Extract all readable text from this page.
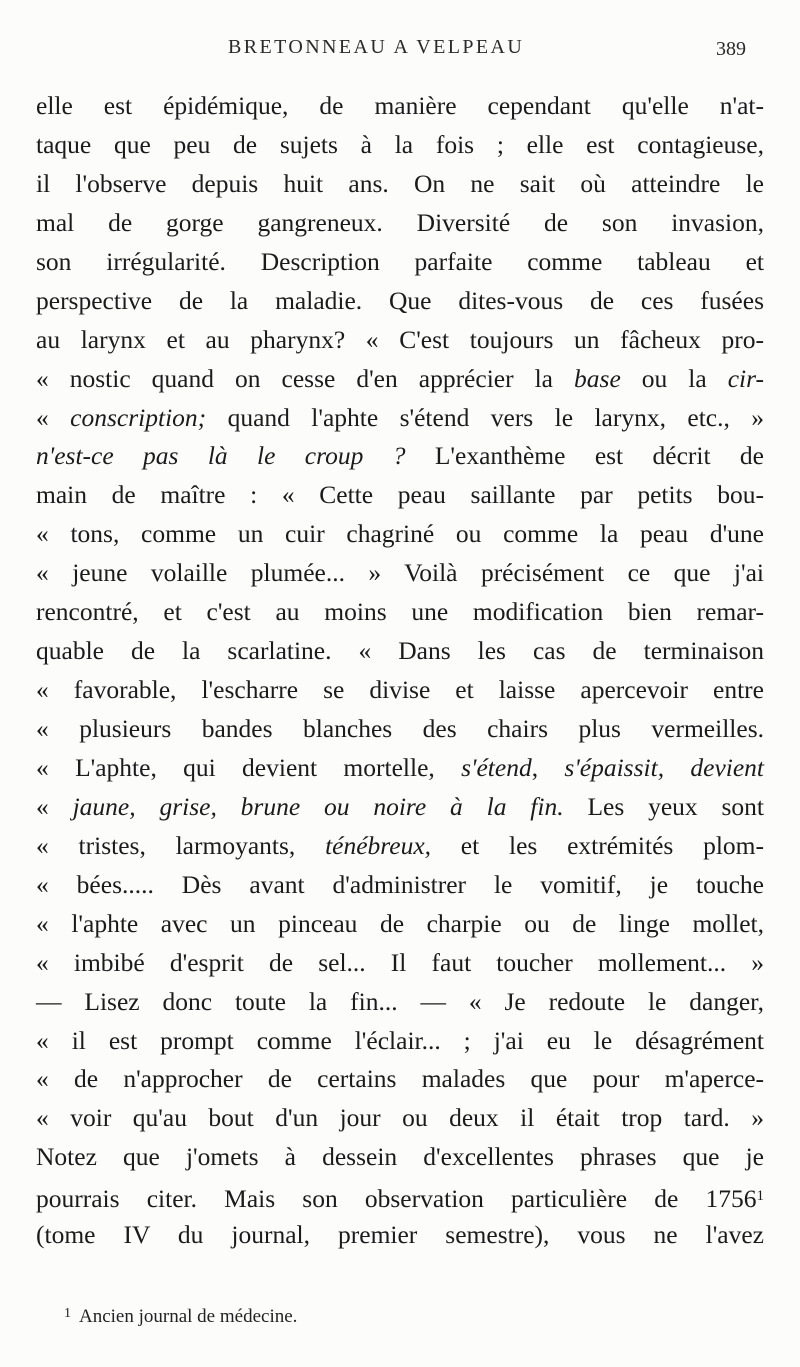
BRETONNEAU A VELPEAU	389
elle est épidémique, de manière cependant qu'elle n'at-
taque que peu de sujets à la fois ; elle est contagieuse,
il l'observe depuis huit ans. On ne sait où atteindre le
mal de gorge gangreneux. Diversité de son invasion,
son irrégularité. Description parfaite comme tableau et
perspective de la maladie. Que dites-vous de ces fusées
au larynx et au pharynx? « C'est toujours un fâcheux pro-
« nostic quand on cesse d'en apprécier la base ou la cir-
« conscription; quand l'aphte s'étend vers le larynx, etc., »
n'est-ce pas là le croup ? L'exanthème est décrit de
main de maître : « Cette peau saillante par petits bou-
« tons, comme un cuir chagriné ou comme la peau d'une
« jeune volaille plumée... » Voilà précisément ce que j'ai
rencontré, et c'est au moins une modification bien remar-
quable de la scarlatine. « Dans les cas de terminaison
« favorable, l'escharre se divise et laisse apercevoir entre
« plusieurs bandes blanches des chairs plus vermeilles.
« L'aphte, qui devient mortelle, s'étend, s'épaissit, devient
« jaune, grise, brune ou noire à la fin. Les yeux sont
« tristes, larmoyants, ténébreux, et les extrémités plom-
« bées..... Dès avant d'administrer le vomitif, je touche
« l'aphte avec un pinceau de charpie ou de linge mollet,
« imbibé d'esprit de sel... Il faut toucher mollement... »
— Lisez donc toute la fin... — « Je redoute le danger,
« il est prompt comme l'éclair... ; j'ai eu le désagrément
« de n'approcher de certains malades que pour m'aperce-
« voir qu'au bout d'un jour ou deux il était trop tard. »
Notez que j'omets à dessein d'excellentes phrases que je
pourrais citer. Mais son observation particulière de 1756$^1$
(tome IV du journal, premier semestre), vous ne l'avez
$^1$ Ancien journal de médecine.
